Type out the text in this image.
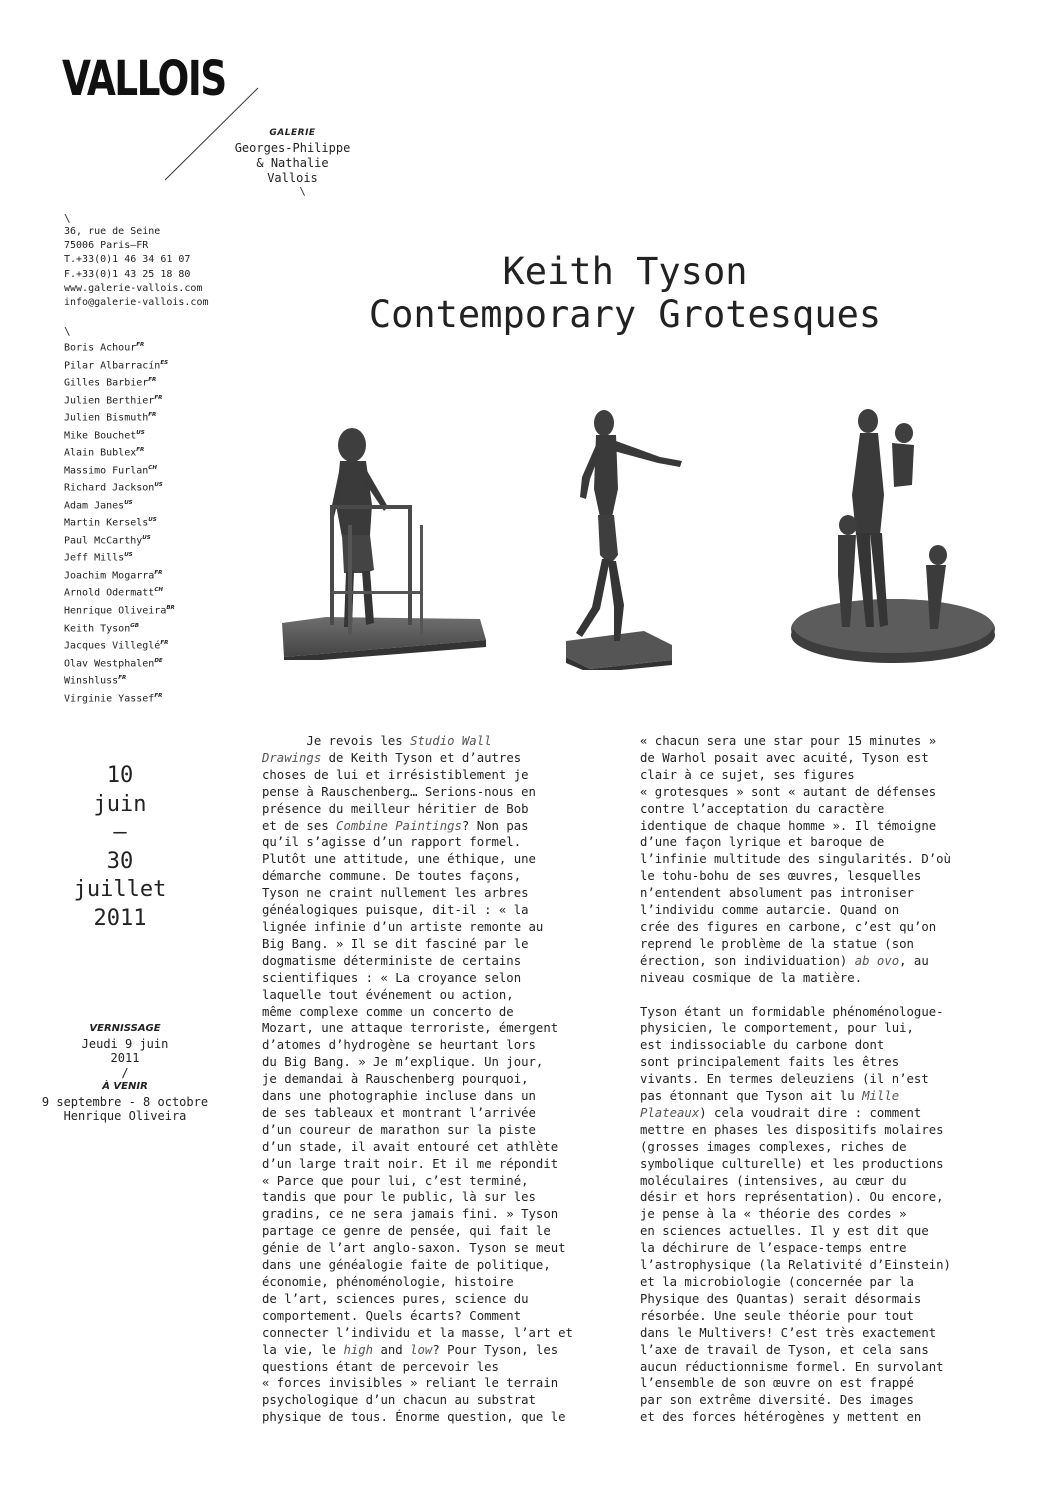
VALLOIS
GALERIE
Georges-Philippe
& Nathalie
Vallois
\
\
36, rue de Seine
75006 Paris—FR
T.+33(0)1 46 34 61 07
F.+33(0)1 43 25 18 80
www.galerie-vallois.com
info@galerie-vallois.com
\
Boris Achour$^{FR}$
Pilar Albarracín$^{ES}$
Gilles Barbier$^{FR}$
Julien Berthier$^{FR}$
Julien Bismuth$^{FR}$
Mike Bouchet$^{US}$
Alain Bublex$^{FR}$
Massimo Furlan$^{CH}$
Richard Jackson$^{US}$
Adam Janes$^{US}$
Martin Kersels$^{US}$
Paul McCarthy$^{US}$
Jeff Mills$^{US}$
Joachim Mogarra$^{FR}$
Arnold Odermatt$^{CH}$
Henrique Oliveira$^{BR}$
Keith Tyson$^{GB}$
Jacques Villeglé$^{FR}$
Olav Westphalen$^{DE}$
Winshluss$^{FR}$
Virginie Yassef$^{FR}$
Keith Tyson
Contemporary Grotesques
10
juin
—
30
juillet
2011
VERNISSAGE
Jeudi 9 juin
2011
/
À VENIR
9 septembre - 8 octobre
Henrique Oliveira
Je revois les Studio Wall
Drawings de Keith Tyson et d’autres
choses de lui et irrésistiblement je
pense à Rauschenberg… Serions-nous en
présence du meilleur héritier de Bob
et de ses Combine Paintings? Non pas
qu’il s’agisse d’un rapport formel.
Plutôt une attitude, une éthique, une
démarche commune. De toutes façons,
Tyson ne craint nullement les arbres
généalogiques puisque, dit-il : « la
lignée infinie d’un artiste remonte au
Big Bang. » Il se dit fasciné par le
dogmatisme déterministe de certains
scientifiques : « La croyance selon
laquelle tout événement ou action,
même complexe comme un concerto de
Mozart, une attaque terroriste, émergent
d’atomes d’hydrogène se heurtant lors
du Big Bang. » Je m’explique. Un jour,
je demandai à Rauschenberg pourquoi,
dans une photographie incluse dans un
de ses tableaux et montrant l’arrivée
d’un coureur de marathon sur la piste
d’un stade, il avait entouré cet athlète
d’un large trait noir. Et il me répondit
« Parce que pour lui, c’est terminé,
tandis que pour le public, là sur les
gradins, ce ne sera jamais fini. » Tyson
partage ce genre de pensée, qui fait le
génie de l’art anglo-saxon. Tyson se meut
dans une généalogie faite de politique,
économie, phénoménologie, histoire
de l’art, sciences pures, science du
comportement. Quels écarts? Comment
connecter l’individu et la masse, l’art et
la vie, le high and low? Pour Tyson, les
questions étant de percevoir les
« forces invisibles » reliant le terrain
psychologique d’un chacun au substrat
physique de tous. Énorme question, que le
« chacun sera une star pour 15 minutes »
de Warhol posait avec acuité, Tyson est
clair à ce sujet, ses figures
« grotesques » sont « autant de défenses
contre l’acceptation du caractère
identique de chaque homme ». Il témoigne
d’une façon lyrique et baroque de
l’infinie multitude des singularités. D’où
le tohu-bohu de ses œuvres, lesquelles
n’entendent absolument pas introniser
l’individu comme autarcie. Quand on
crée des figures en carbone, c’est qu’on
reprend le problème de la statue (son
érection, son individuation) ab ovo, au
niveau cosmique de la matière.

Tyson étant un formidable phénoménologue-
physicien, le comportement, pour lui,
est indissociable du carbone dont
sont principalement faits les êtres
vivants. En termes deleuziens (il n’est
pas étonnant que Tyson ait lu Mille
Plateaux) cela voudrait dire : comment
mettre en phases les dispositifs molaires
(grosses images complexes, riches de
symbolique culturelle) et les productions
moléculaires (intensives, au cœur du
désir et hors représentation). Ou encore,
je pense à la « théorie des cordes »
en sciences actuelles. Il y est dit que
la déchirure de l’espace-temps entre
l’astrophysique (la Relativité d’Einstein)
et la microbiologie (concernée par la
Physique des Quantas) serait désormais
résorbée. Une seule théorie pour tout
dans le Multivers! C’est très exactement
l’axe de travail de Tyson, et cela sans
aucun réductionnisme formel. En survolant
l’ensemble de son œuvre on est frappé
par son extrême diversité. Des images
et des forces hétérogènes y mettent en
